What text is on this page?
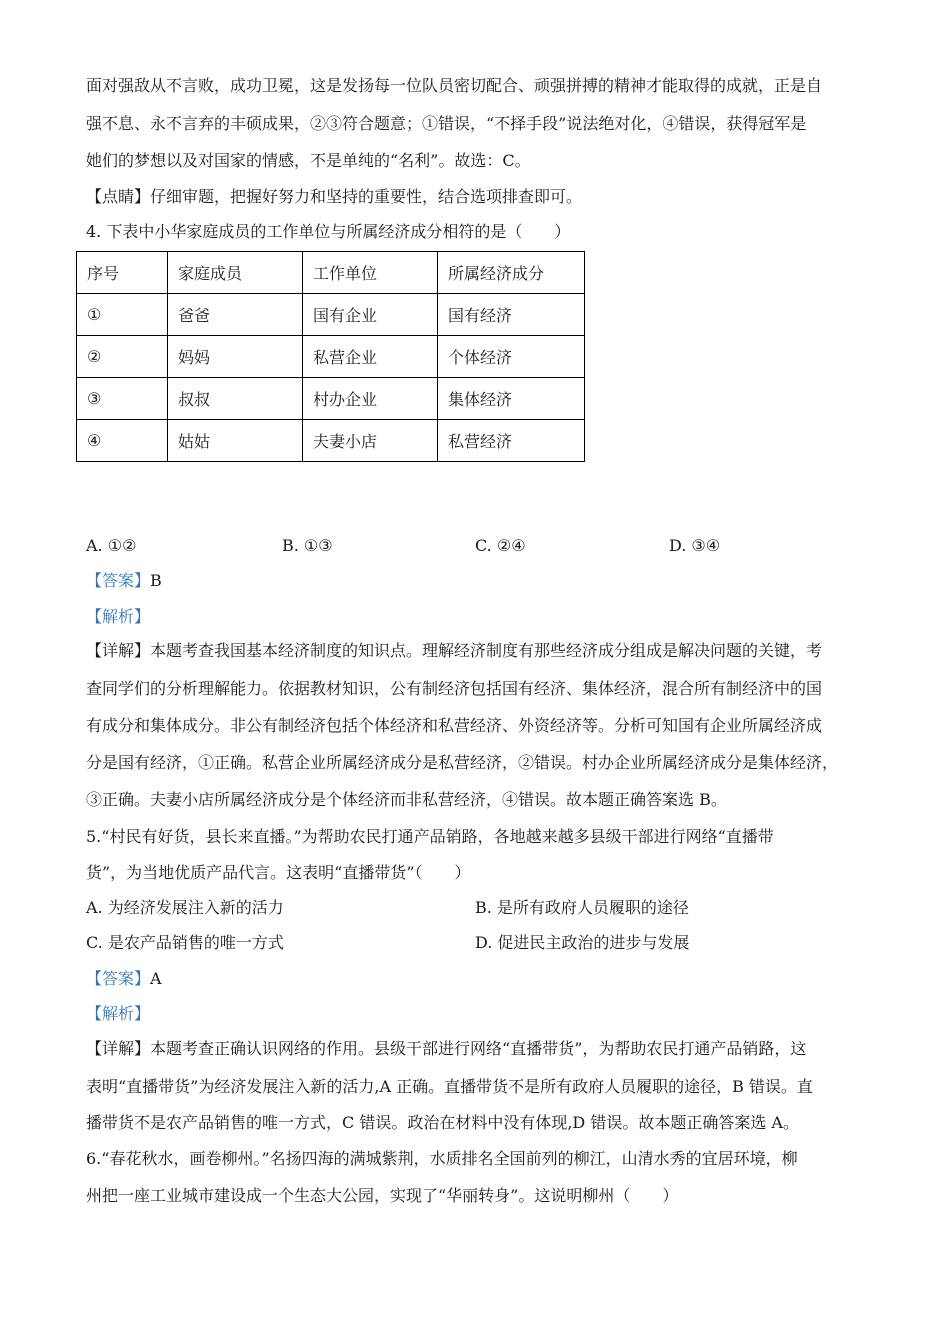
面对强敌从不言败，成功卫冕，这是发扬每一位队员密切配合、顽强拼搏的精神才能取得的成就，正是自
强不息、永不言弃的丰硕成果，②③符合题意；①错误，“不择手段”说法绝对化，④错误，获得冠军是
她们的梦想以及对国家的情感，不是单纯的“名利”。故选：C。
【点睛】仔细审题，把握好努力和坚持的重要性，结合选项排查即可。
4. 下表中小华家庭成员的工作单位与所属经济成分相符的是（　　）
序号	家庭成员	工作单位	所属经济成分
①	爸爸	国有企业	国有经济
②	妈妈	私营企业	个体经济
③	叔叔	村办企业	集体经济
④	姑姑	夫妻小店	私营经济
A. ①②	B. ①③	C. ②④	D. ③④
【答案】B
【解析】
【详解】本题考查我国基本经济制度的知识点。理解经济制度有那些经济成分组成是解决问题的关键，考
查同学们的分析理解能力。依据教材知识，公有制经济包括国有经济、集体经济，混合所有制经济中的国
有成分和集体成分。非公有制经济包括个体经济和私营经济、外资经济等。分析可知国有企业所属经济成
分是国有经济，①正确。私营企业所属经济成分是私营经济，②错误。村办企业所属经济成分是集体经济，
③正确。夫妻小店所属经济成分是个体经济而非私营经济，④错误。故本题正确答案选 B。
5.“村民有好货，县长来直播。”为帮助农民打通产品销路，各地越来越多县级干部进行网络“直播带
货”，为当地优质产品代言。这表明“直播带货”（　　）
A. 为经济发展注入新的活力	B. 是所有政府人员履职的途径
C. 是农产品销售的唯一方式	D. 促进民主政治的进步与发展
【答案】A
【解析】
【详解】本题考查正确认识网络的作用。县级干部进行网络“直播带货”，为帮助农民打通产品销路，这
表明“直播带货”为经济发展注入新的活力,A 正确。直播带货不是所有政府人员履职的途径，B 错误。直
播带货不是农产品销售的唯一方式，C 错误。政治在材料中没有体现,D 错误。故本题正确答案选 A。
6.“春花秋水，画卷柳州。”名扬四海的满城紫荆，水质排名全国前列的柳江，山清水秀的宜居环境，柳
州把一座工业城市建设成一个生态大公园，实现了“华丽转身”。这说明柳州（　　）
